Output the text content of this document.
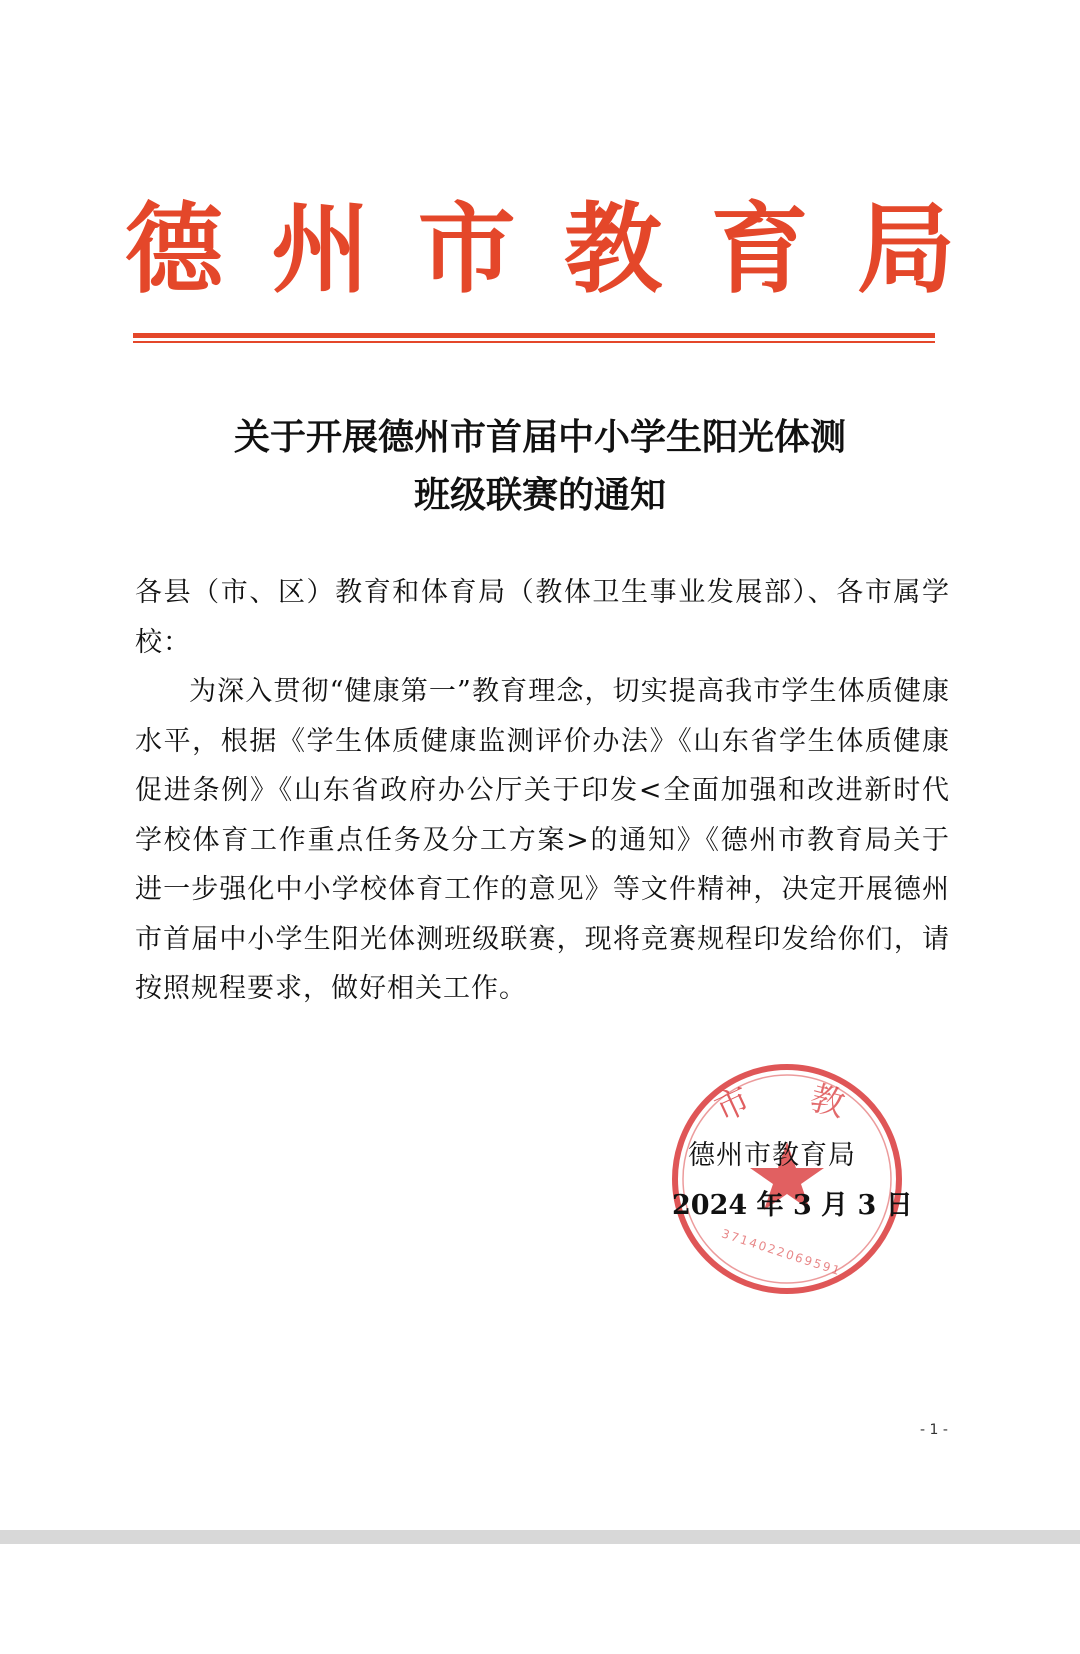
德 州 市 教 育 局
关于开展德州市首届中小学生阳光体测
班级联赛的通知

各县（市、区）教育和体育局（教体卫生事业发展部）、各市属学校：

为深入贯彻“健康第一”教育理念，切实提高我市学生体质健康水平，根据《学生体质健康监测评价办法》《山东省学生体质健康促进条例》《山东省政府办公厅关于印发<全面加强和改进新时代学校体育工作重点任务及分工方案>的通知》《德州市教育局关于进一步强化中小学校体育工作的意见》等文件精神，决定开展德州市首届中小学生阳光体测班级联赛，现将竞赛规程印发给你们，请按照规程要求，做好相关工作。

市 教
3714022069591
德州市教育局
2024 年 3 月 3 日
- 1 -
